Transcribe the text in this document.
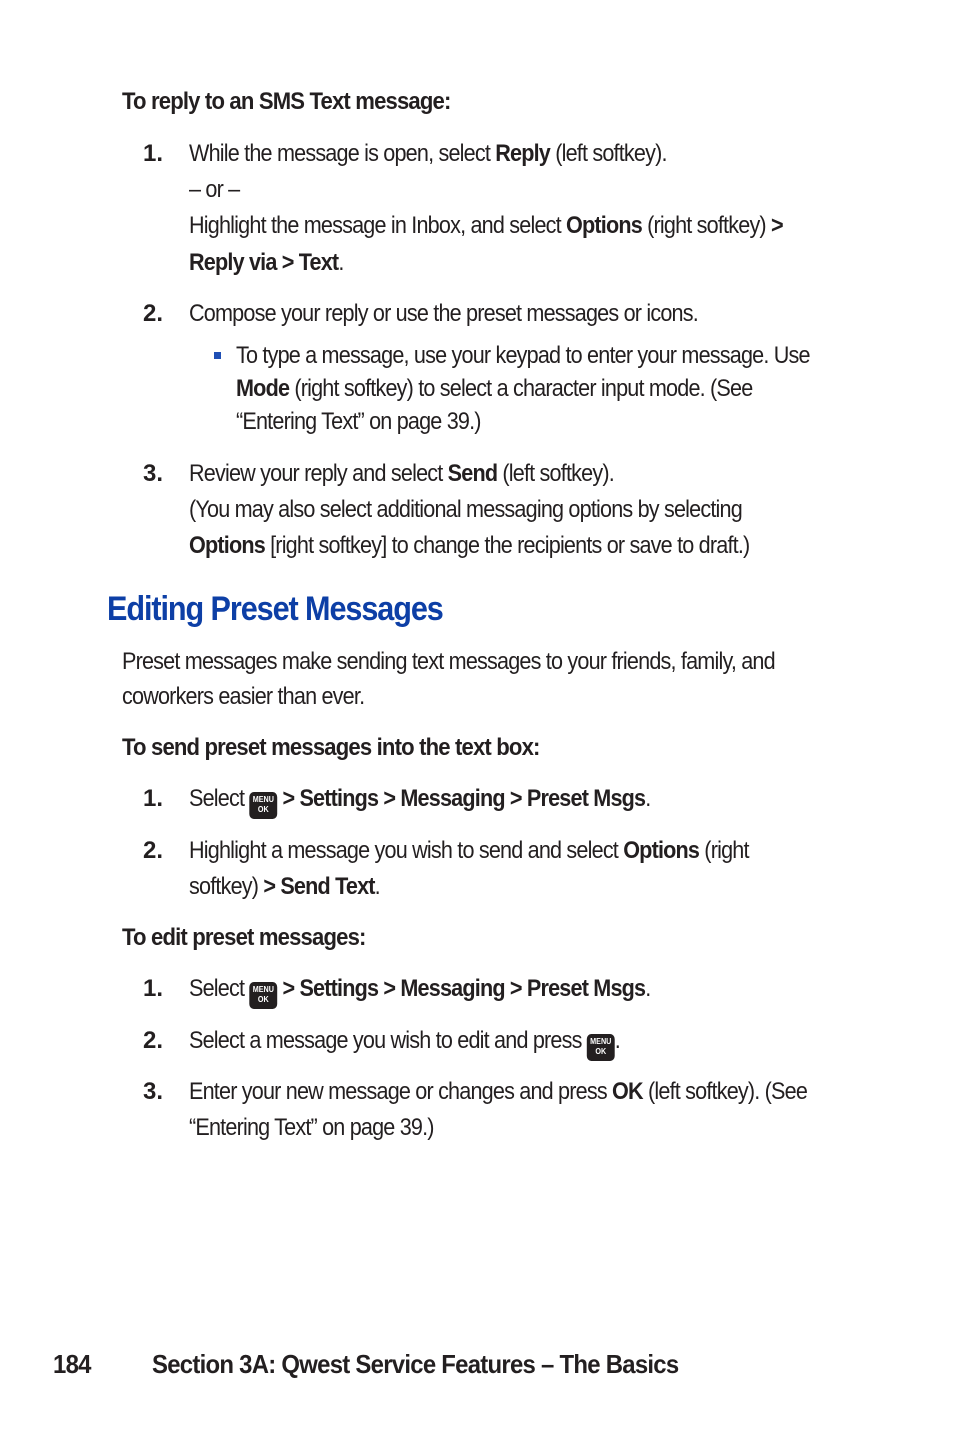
To reply to an SMS Text message:
1. While the message is open, select Reply (left softkey).
– or –
Highlight the message in Inbox, and select Options (right softkey) >
Reply via > Text.
2. Compose your reply or use the preset messages or icons.
To type a message, use your keypad to enter your message. Use
Mode (right softkey) to select a character input mode. (See
“Entering Text” on page 39.)
3. Review your reply and select Send (left softkey).
(You may also select additional messaging options by selecting
Options [right softkey] to change the recipients or save to draft.)
Editing Preset Messages
Preset messages make sending text messages to your friends, family, and
coworkers easier than ever.
To send preset messages into the text box:
1. Select MENU
OK > Settings > Messaging > Preset Msgs.
2. Highlight a message you wish to send and select Options (right
softkey) > Send Text.
To edit preset messages:
1. Select MENU
OK > Settings > Messaging > Preset Msgs.
2. Select a message you wish to edit and press MENU
OK .
3. Enter your new message or changes and press OK (left softkey). (See
“Entering Text” on page 39.)
184 Section 3A: Qwest Service Features – The Basics
